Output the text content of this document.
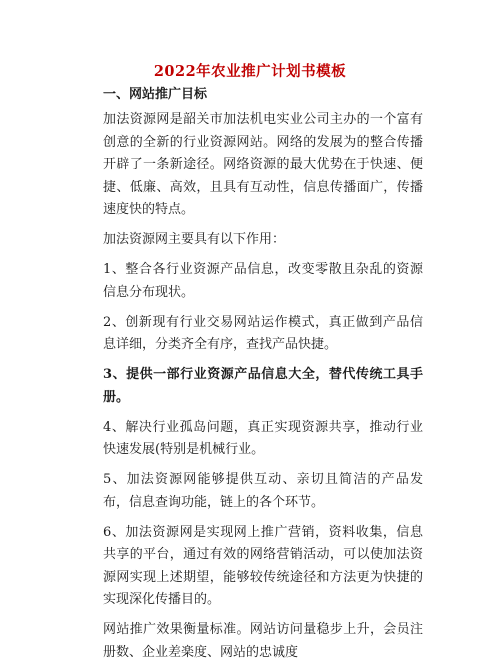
2022年农业推广计划书模板

一、网站推广目标

加法资源网是韶关市加法机电实业公司主办的一个富有创意的全新的行业资源网站。网络的发展为的整合传播开辟了一条新途径。网络资源的最大优势在于快速、便捷、低廉、高效，且具有互动性，信息传播面广，传播速度快的特点。

加法资源网主要具有以下作用：

1、整合各行业资源产品信息，改变零散且杂乱的资源信息分布现状。

2、创新现有行业交易网站运作模式，真正做到产品信息详细，分类齐全有序，查找产品快捷。

3、提供一部行业资源产品信息大全，替代传统工具手册。

4、解决行业孤岛问题，真正实现资源共享，推动行业快速发展(特别是机械行业。

5、加法资源网能够提供互动、亲切且简洁的产品发布，信息查询功能，链上的各个环节。

6、加法资源网是实现网上推广营销，资料收集，信息共享的平台，通过有效的网络营销活动，可以使加法资源网实现上述期望，能够较传统途径和方法更为快捷的实现深化传播目的。

网站推广效果衡量标准。网站访问量稳步上升，会员注册数、企业差楽度、网站的忠诚度
